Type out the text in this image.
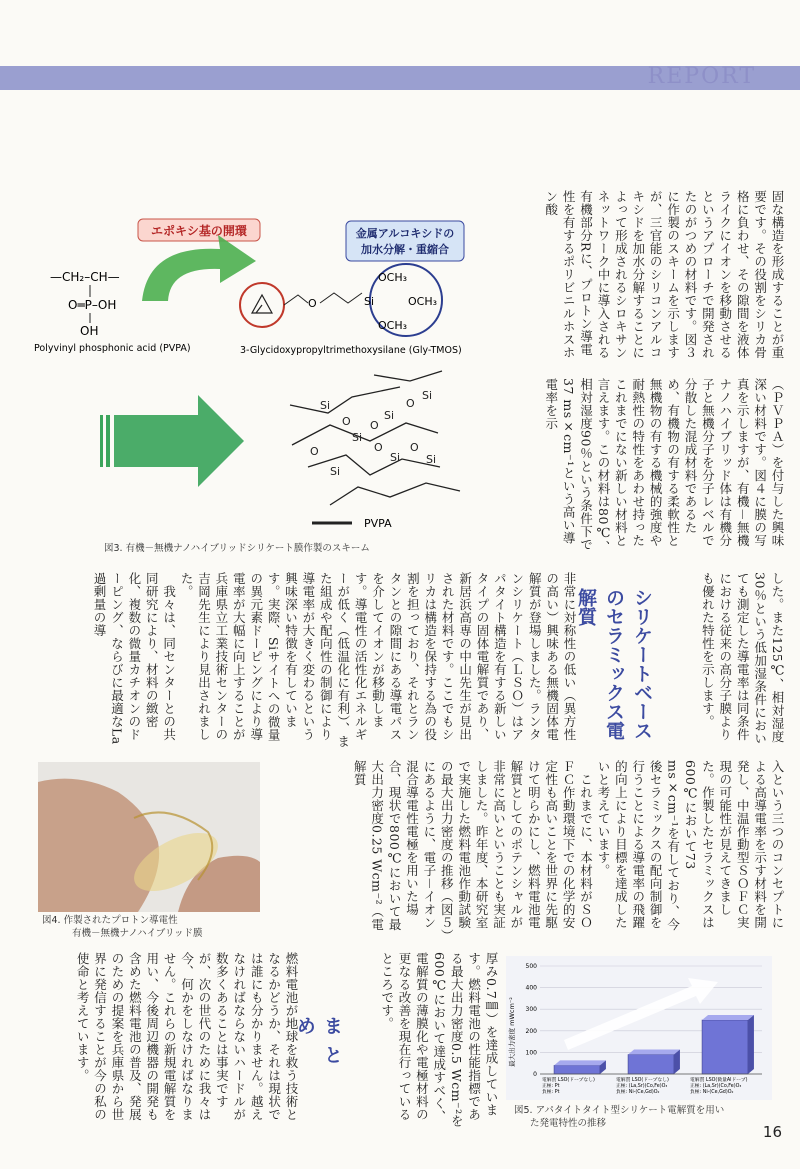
REPORT
エポキシ基の開環	金属アルコキシドの
加水分解・重縮合
—CH₂–CH—
O═P–OH
OH
Polyvinyl phosphonic acid (PVPA)
O	Si
OCH₃
OCH₃
OCH₃
3-Glycidoxypropyltrimethoxysilane (Gly-TMOS)
Si
Si
Si
Si
Si
Si Si
O O
O
O O
O
PVPA
図3. 有機－無機ナノハイブリッドシリケート膜作製のスキーム
固な構造を形成することが重要です。その役割をシリカ骨格に負わせ、その隙間を液体ライクにイオンを移動させるというアプローチで開発されたのがつめの材料です。図３に作製のスキームを示しますが、三官能のシリコンアルコキシドを加水分解することによって形成されるシロキサンネットワーク中に導入される有機部分Rに、プロトン導電性を有するポリビニルホスホン酸
（ＰＶＰＡ）を付与した興味深い材料です。図４に膜の写真を示しますが、有機－無機ナノハイブリッド体は有機分子と無機分子を分子レベルで分散した混成材料であるため、有機物の有する柔軟性と無機物の有する機械的強度や耐熱性の特性をあわせ持ったこれまでにない新しい材料と言えます。この材料は80℃、相対湿度90％という条件下で37 ms×cm⁻¹という高い導電率を示
した。また125℃、相対湿度30％という低加湿条件においても測定した導電率は同条件における従来の高分子膜よりも優れた特性を示します。
シリケートベースのセラミックス電解質
非常に対称性の低い（異方性の高い）興味ある無機固体電解質が登場しました。ランタンシリケート（ＬＳＯ）はアパタイト構造を有する新しいタイプの固体電解質であり、新居浜高専の中山先生が見出された材料です。ここでもシリカは構造を保持する為の役割を担っており、それとランタンとの隙間にある導電パスを介してイオンが移動します。導電性の活性化エネルギーが低く（低温化に有利）、また組成や配向性の制御により導電率が大きく変わるという興味深い特徴を有しています。実際、Siサイトへの微量の異元素ドーピングにより導電率が大幅に向上することが兵庫県立工業技術センターの吉岡先生により見出されました。
　我々は、同センターとの共同研究により、材料の緻密化、複数の微量カチオンのドーピング、ならびに最適なLa過剰量の導
図4. 作製されたプロトン導電性
有機－無機ナノハイブリッド膜
入という三つのコンセプトによる高導電率を示す材料を開発し、中温作動型ＳＯＦＣ実現の可能性が見えてきました。作製したセラミックスは600℃において73 ms×cm⁻¹を有しており、今後セラミックスの配向制御を行うことによる導電率の飛躍的向上により目標を達成したいと考えています。
　これまでに、本材料がＳＯＦＣ作動環境下での化学的安定性も高いことを世界に先駆けて明らかにし、燃料電池電解質としてのポテンシャルが非常に高いということも実証しました。昨年度、本研究室で実施した燃料電池作動試験の最大出力密度の推移（図５）にあるように、電子－イオン混合導電性電極を用いた場合、現状で800℃において最大出力密度0.25 Wcm⁻²（電解質
厚み0.7㎜）を達成しています。燃料電池の性能指標である最大出力密度0.5 Wcm⁻²を600℃において達成すべく、電解質の薄膜化や電極材料の更なる改善を現在行っているところです。
まとめ
燃料電池が地球を救う技術となるかどうか、それは現状では誰にも分かりません。越えなければならないハードルが数多くあることは事実ですが、次の世代のために我々は今、何かをしなければなりません。これらの新規電解質を用い、今後周辺機器の開発も含めた燃料電池の普及、発展のための提案を兵庫県から世界に発信することが今の私の使命と考えています。	最大出力密度 mWcm⁻²
500
400
300
200
100
0
電解質 LSO(ドープなし)
正極: Pt
負極: Pt
電解質 LSO(ドープなし)
正極: (La,Sr)(Co,Fe)O₃
負極: Ni-(Ce,Gd)O₂
電解質 LSO(微量Alドープ)
正極: (La,Sr)(Co,Fe)O₃
負極: Ni-(Ce,Gd)O₂
図5. アパタイトタイト型シリケート電解質を用い
た発電特性の推移	16
